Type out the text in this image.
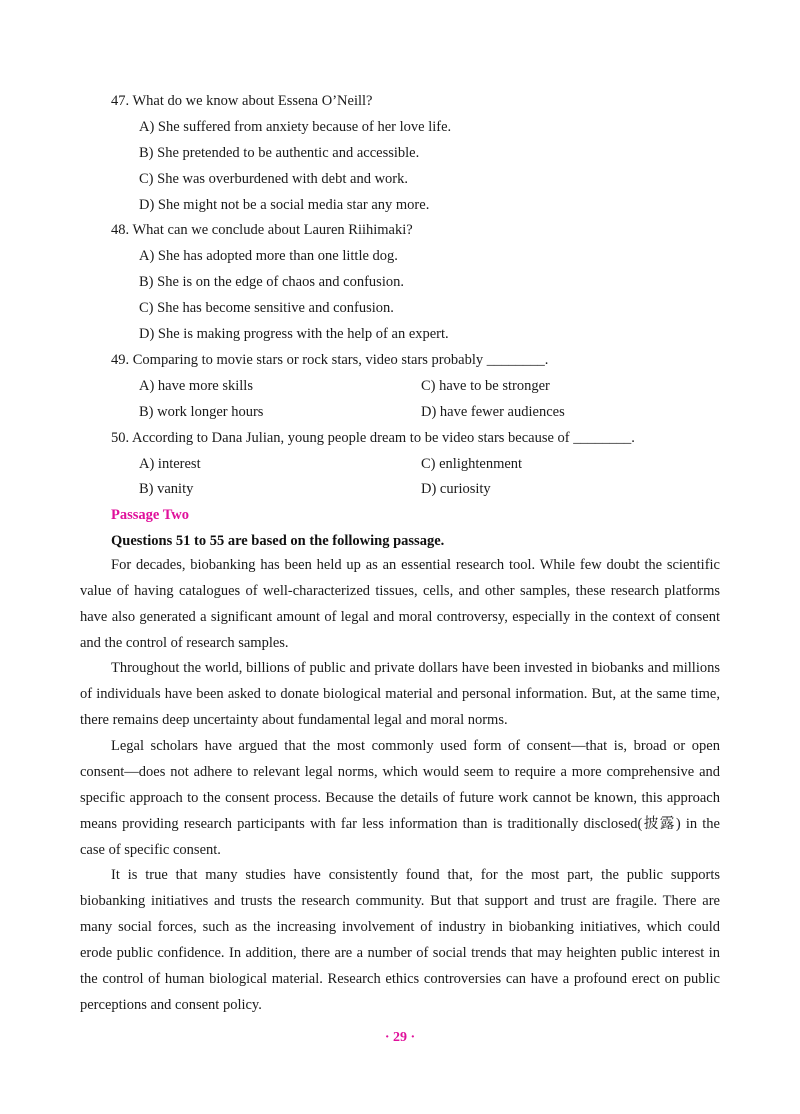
47. What do we know about Essena O’Neill?
A) She suffered from anxiety because of her love life.
B) She pretended to be authentic and accessible.
C) She was overburdened with debt and work.
D) She might not be a social media star any more.
48. What can we conclude about Lauren Riihimaki?
A) She has adopted more than one little dog.
B) She is on the edge of chaos and confusion.
C) She has become sensitive and confusion.
D) She is making progress with the help of an expert.
49. Comparing to movie stars or rock stars, video stars probably ________.
A) have more skills	C) have to be stronger
B) work longer hours	D) have fewer audiences
50. According to Dana Julian, young people dream to be video stars because of ________.
A) interest	C) enlightenment
B) vanity	D) curiosity
Passage Two
Questions 51 to 55 are based on the following passage.
For decades, biobanking has been held up as an essential research tool. While few doubt the scientific value of having catalogues of well-characterized tissues, cells, and other samples, these research platforms have also generated a significant amount of legal and moral controversy, especially in the context of consent and the control of research samples.
Throughout the world, billions of public and private dollars have been invested in biobanks and millions of individuals have been asked to donate biological material and personal information. But, at the same time, there remains deep uncertainty about fundamental legal and moral norms.
Legal scholars have argued that the most commonly used form of consent—that is, broad or open consent—does not adhere to relevant legal norms, which would seem to require a more comprehensive and specific approach to the consent process. Because the details of future work cannot be known, this approach means providing research participants with far less information than is traditionally disclosed(披露) in the case of specific consent.
It is true that many studies have consistently found that, for the most part, the public supports biobanking initiatives and trusts the research community. But that support and trust are fragile. There are many social forces, such as the increasing involvement of industry in biobanking initiatives, which could erode public confidence. In addition, there are a number of social trends that may heighten public interest in the control of human biological material. Research ethics controversies can have a profound erect on public perceptions and consent policy.
· 29 ·
